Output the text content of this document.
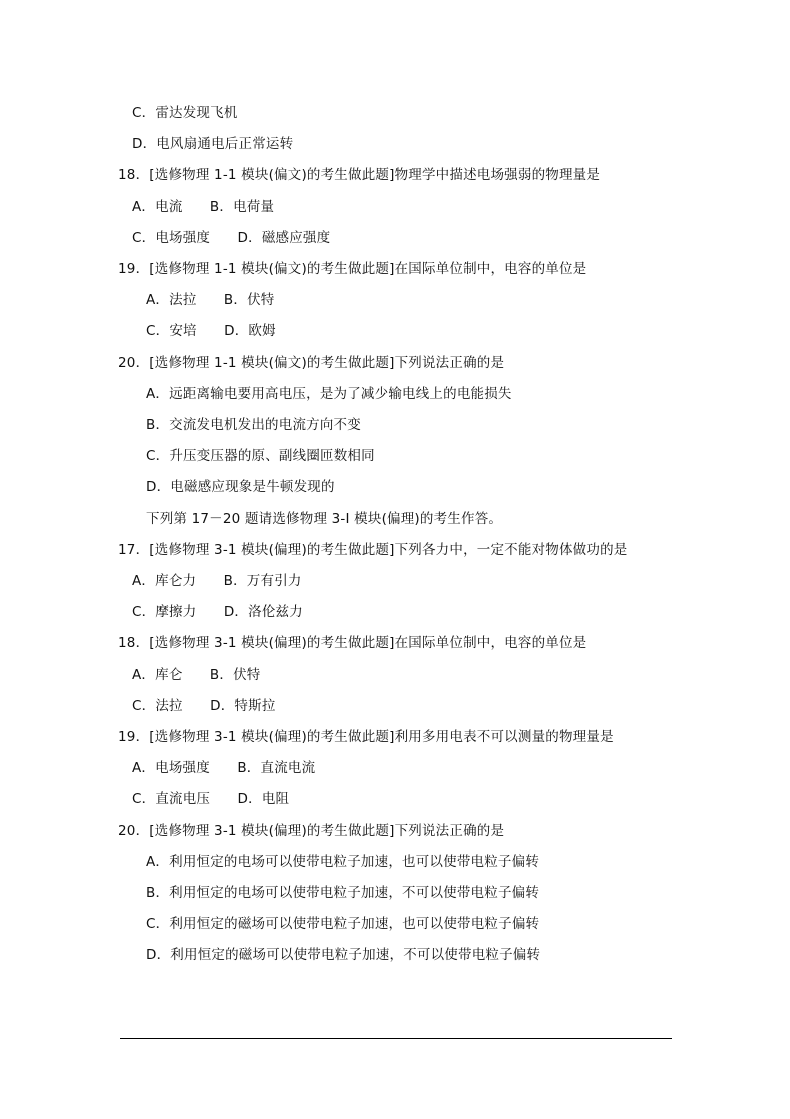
C．雷达发现飞机
D．电风扇通电后正常运转
18．[选修物理 1-1 模块(偏文)的考生做此题]物理学中描述电场强弱的物理量是
A．电流　　B．电荷量
C．电场强度　　D．磁感应强度
19．[选修物理 1-1 模块(偏文)的考生做此题]在国际单位制中，电容的单位是
A．法拉　　B．伏特
C．安培　　D．欧姆
20．[选修物理 1-1 模块(偏文)的考生做此题]下列说法正确的是
A．远距离输电要用高电压，是为了减少输电线上的电能损失
B．交流发电机发出的电流方向不变
C．升压变压器的原、副线圈匝数相同
D．电磁感应现象是牛顿发现的
下列第 17－20 题请选修物理 3-I 模块(偏理)的考生作答。
17．[选修物理 3-1 模块(偏理)的考生做此题]下列各力中，一定不能对物体做功的是
A．库仑力　　B．万有引力
C．摩擦力　　D．洛伦兹力
18．[选修物理 3-1 模块(偏理)的考生做此题]在国际单位制中，电容的单位是
A．库仑　　B．伏特
C．法拉　　D．特斯拉
19．[选修物理 3-1 模块(偏理)的考生做此题]利用多用电表不可以测量的物理量是
A．电场强度　　B．直流电流
C．直流电压　　D．电阻
20．[选修物理 3-1 模块(偏理)的考生做此题]下列说法正确的是
A．利用恒定的电场可以使带电粒子加速，也可以使带电粒子偏转
B．利用恒定的电场可以使带电粒子加速，不可以使带电粒子偏转
C．利用恒定的磁场可以使带电粒子加速，也可以使带电粒子偏转
D．利用恒定的磁场可以使带电粒子加速，不可以使带电粒子偏转
